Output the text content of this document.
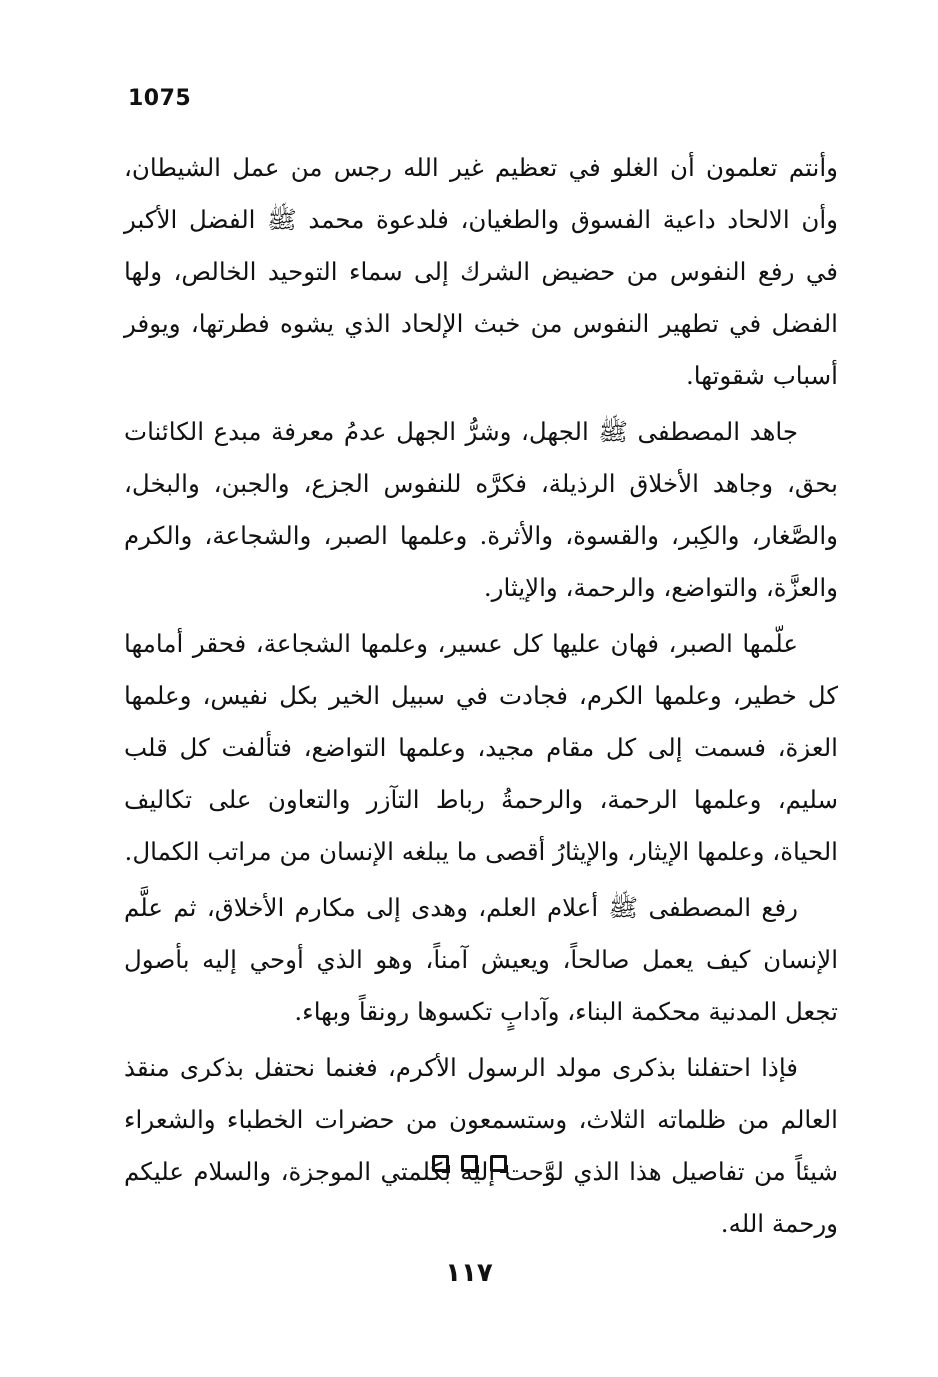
1075

وأنتم تعلمون أن الغلو في تعظيم غير الله رجس من عمل الشيطان، وأن الالحاد داعية الفسوق والطغيان، فلدعوة محمد ﷺ الفضل الأكبر في رفع النفوس من حضيض الشرك إلى سماء التوحيد الخالص، ولها الفضل في تطهير النفوس من خبث الإلحاد الذي يشوه فطرتها، ويوفر أسباب شقوتها.

جاهد المصطفى ﷺ الجهل، وشرُّ الجهل عدمُ معرفة مبدع الكائنات بحق، وجاهد الأخلاق الرذيلة، فكرَّه للنفوس الجزع، والجبن، والبخل، والصَّغار، والكِبر، والقسوة، والأثرة. وعلمها الصبر، والشجاعة، والكرم والعزَّة، والتواضع، والرحمة، والإيثار.

علّمها الصبر، فهان عليها كل عسير، وعلمها الشجاعة، فحقر أمامها كل خطير، وعلمها الكرم، فجادت في سبيل الخير بكل نفيس، وعلمها العزة، فسمت إلى كل مقام مجيد، وعلمها التواضع، فتألفت كل قلب سليم، وعلمها الرحمة، والرحمةُ رباط التآزر والتعاون على تكاليف الحياة، وعلمها الإيثار، والإيثارُ أقصى ما يبلغه الإنسان من مراتب الكمال.

رفع المصطفى ﷺ أعلام العلم، وهدى إلى مكارم الأخلاق، ثم علَّم الإنسان كيف يعمل صالحاً، ويعيش آمناً، وهو الذي أوحي إليه بأصول تجعل المدنية محكمة البناء، وآدابٍ تكسوها رونقاً وبهاء.

فإذا احتفلنا بذكرى مولد الرسول الأكرم، فغنما نحتفل بذكرى منقذ العالم من ظلماته الثلاث، وستسمعون من حضرات الخطباء والشعراء شيئاً من تفاصيل هذا الذي لوَّحت إليه بكلمتي الموجزة، والسلام عليكم ورحمة الله.

١١٧
